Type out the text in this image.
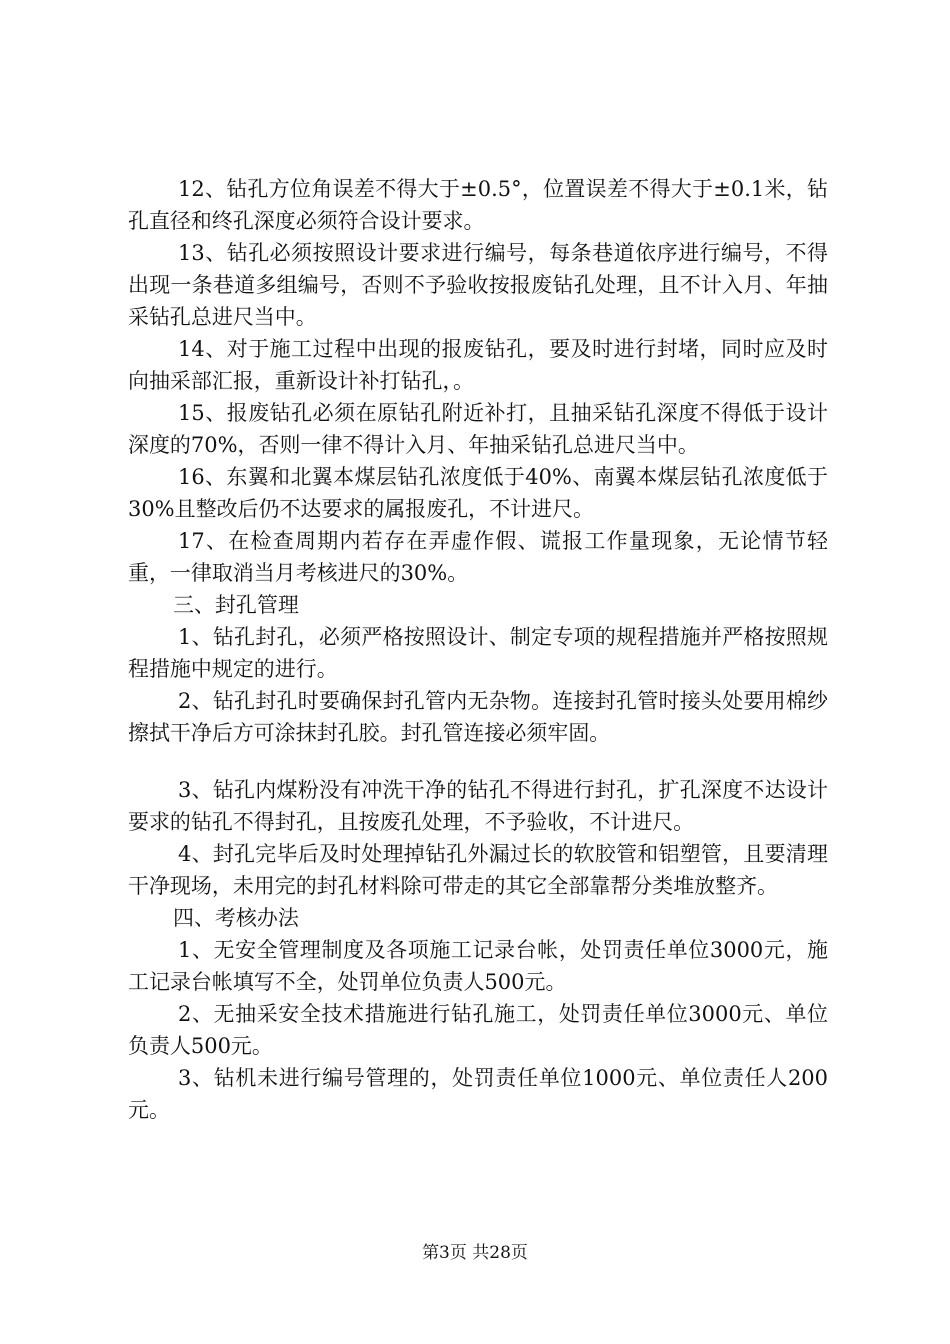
12、钻孔方位角误差不得大于±0.5°，位置误差不得大于±0.1米，钻孔直径和终孔深度必须符合设计要求。

13、钻孔必须按照设计要求进行编号，每条巷道依序进行编号，不得出现一条巷道多组编号，否则不予验收按报废钻孔处理，且不计入月、年抽采钻孔总进尺当中。

14、对于施工过程中出现的报废钻孔，要及时进行封堵，同时应及时向抽采部汇报，重新设计补打钻孔，。

15、报废钻孔必须在原钻孔附近补打，且抽采钻孔深度不得低于设计深度的70%，否则一律不得计入月、年抽采钻孔总进尺当中。

16、东翼和北翼本煤层钻孔浓度低于40%、南翼本煤层钻孔浓度低于30%且整改后仍不达要求的属报废孔，不计进尺。

17、在检查周期内若存在弄虚作假、谎报工作量现象，无论情节轻重，一律取消当月考核进尺的30%。

三、封孔管理

1、钻孔封孔，必须严格按照设计、制定专项的规程措施并严格按照规程措施中规定的进行。

2、钻孔封孔时要确保封孔管内无杂物。连接封孔管时接头处要用棉纱擦拭干净后方可涂抹封孔胶。封孔管连接必须牢固。

3、钻孔内煤粉没有冲洗干净的钻孔不得进行封孔，扩孔深度不达设计要求的钻孔不得封孔，且按废孔处理，不予验收，不计进尺。

4、封孔完毕后及时处理掉钻孔外漏过长的软胶管和铝塑管，且要清理干净现场，未用完的封孔材料除可带走的其它全部靠帮分类堆放整齐。

四、考核办法

1、无安全管理制度及各项施工记录台帐，处罚责任单位3000元，施工记录台帐填写不全，处罚单位负责人500元。

2、无抽采安全技术措施进行钻孔施工，处罚责任单位3000元、单位负责人500元。

3、钻机未进行编号管理的，处罚责任单位1000元、单位责任人200元。

第3页 共28页
